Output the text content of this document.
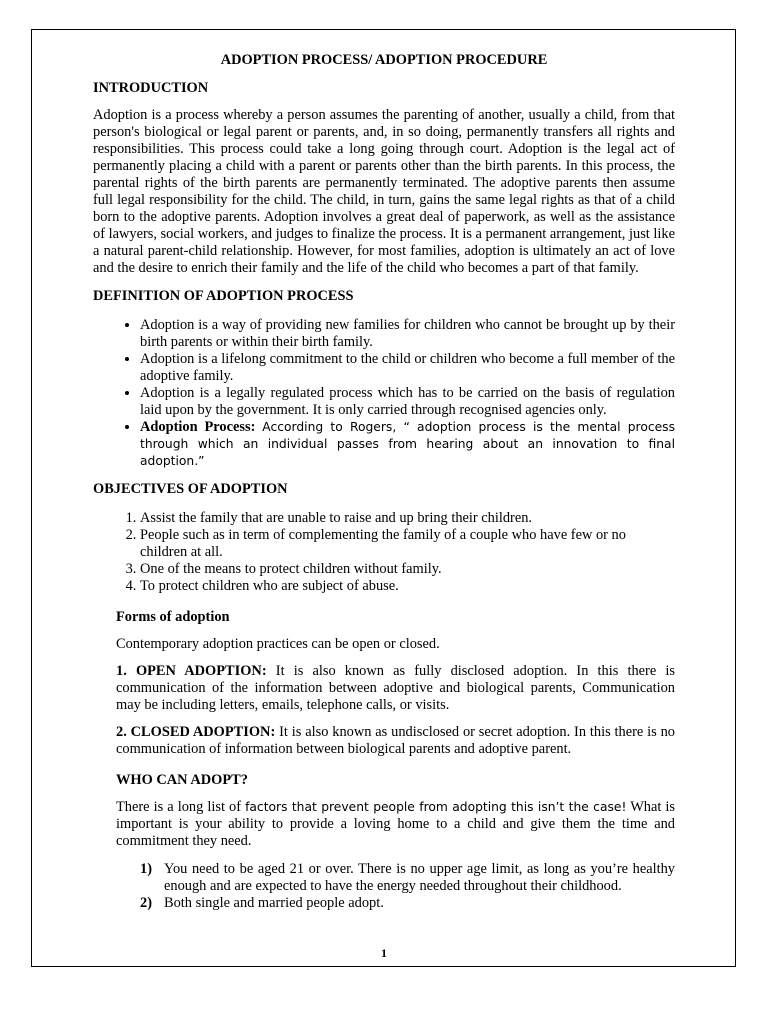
ADOPTION PROCESS/ ADOPTION PROCEDURE
INTRODUCTION

Adoption is a process whereby a person assumes the parenting of another, usually a child, from that person's biological or legal parent or parents, and, in so doing, permanently transfers all rights and responsibilities. This process could take a long going through court. Adoption is the legal act of permanently placing a child with a parent or parents other than the birth parents. In this process, the parental rights of the birth parents are permanently terminated. The adoptive parents then assume full legal responsibility for the child. The child, in turn, gains the same legal rights as that of a child born to the adoptive parents. Adoption involves a great deal of paperwork, as well as the assistance of lawyers, social workers, and judges to finalize the process. It is a permanent arrangement, just like a natural parent-child relationship. However, for most families, adoption is ultimately an act of love and the desire to enrich their family and the life of the child who becomes a part of that family.

DEFINITION OF ADOPTION PROCESS
• Adoption is a way of providing new families for children who cannot be brought up by their birth parents or within their birth family.
• Adoption is a lifelong commitment to the child or children who become a full member of the adoptive family.
• Adoption is a legally regulated process which has to be carried on the basis of regulation laid upon by the government. It is only carried through recognised agencies only.
• Adoption Process: According to Rogers, “ adoption process is the mental process through which an individual passes from hearing about an innovation to final adoption.”
OBJECTIVES OF ADOPTION
1. Assist the family that are unable to raise and up bring their children.
2. People such as in term of complementing the family of a couple who have few or no children at all.
3. One of the means to protect children without family.
4. To protect children who are subject of abuse.
Forms of adoption

Contemporary adoption practices can be open or closed.

1. OPEN ADOPTION: It is also known as fully disclosed adoption. In this there is communication of the information between adoptive and biological parents, Communication may be including letters, emails, telephone calls, or visits.

2. CLOSED ADOPTION: It is also known as undisclosed or secret adoption. In this there is no communication of information between biological parents and adoptive parent.

WHO CAN ADOPT?

There is a long list of factors that prevent people from adopting this isn’t the case! What is important is your ability to provide a loving home to a child and give them the time and commitment they need.

1) You need to be aged 21 or over. There is no upper age limit, as long as you’re healthy enough and are expected to have the energy needed throughout their childhood.
2) Both single and married people adopt.
1
